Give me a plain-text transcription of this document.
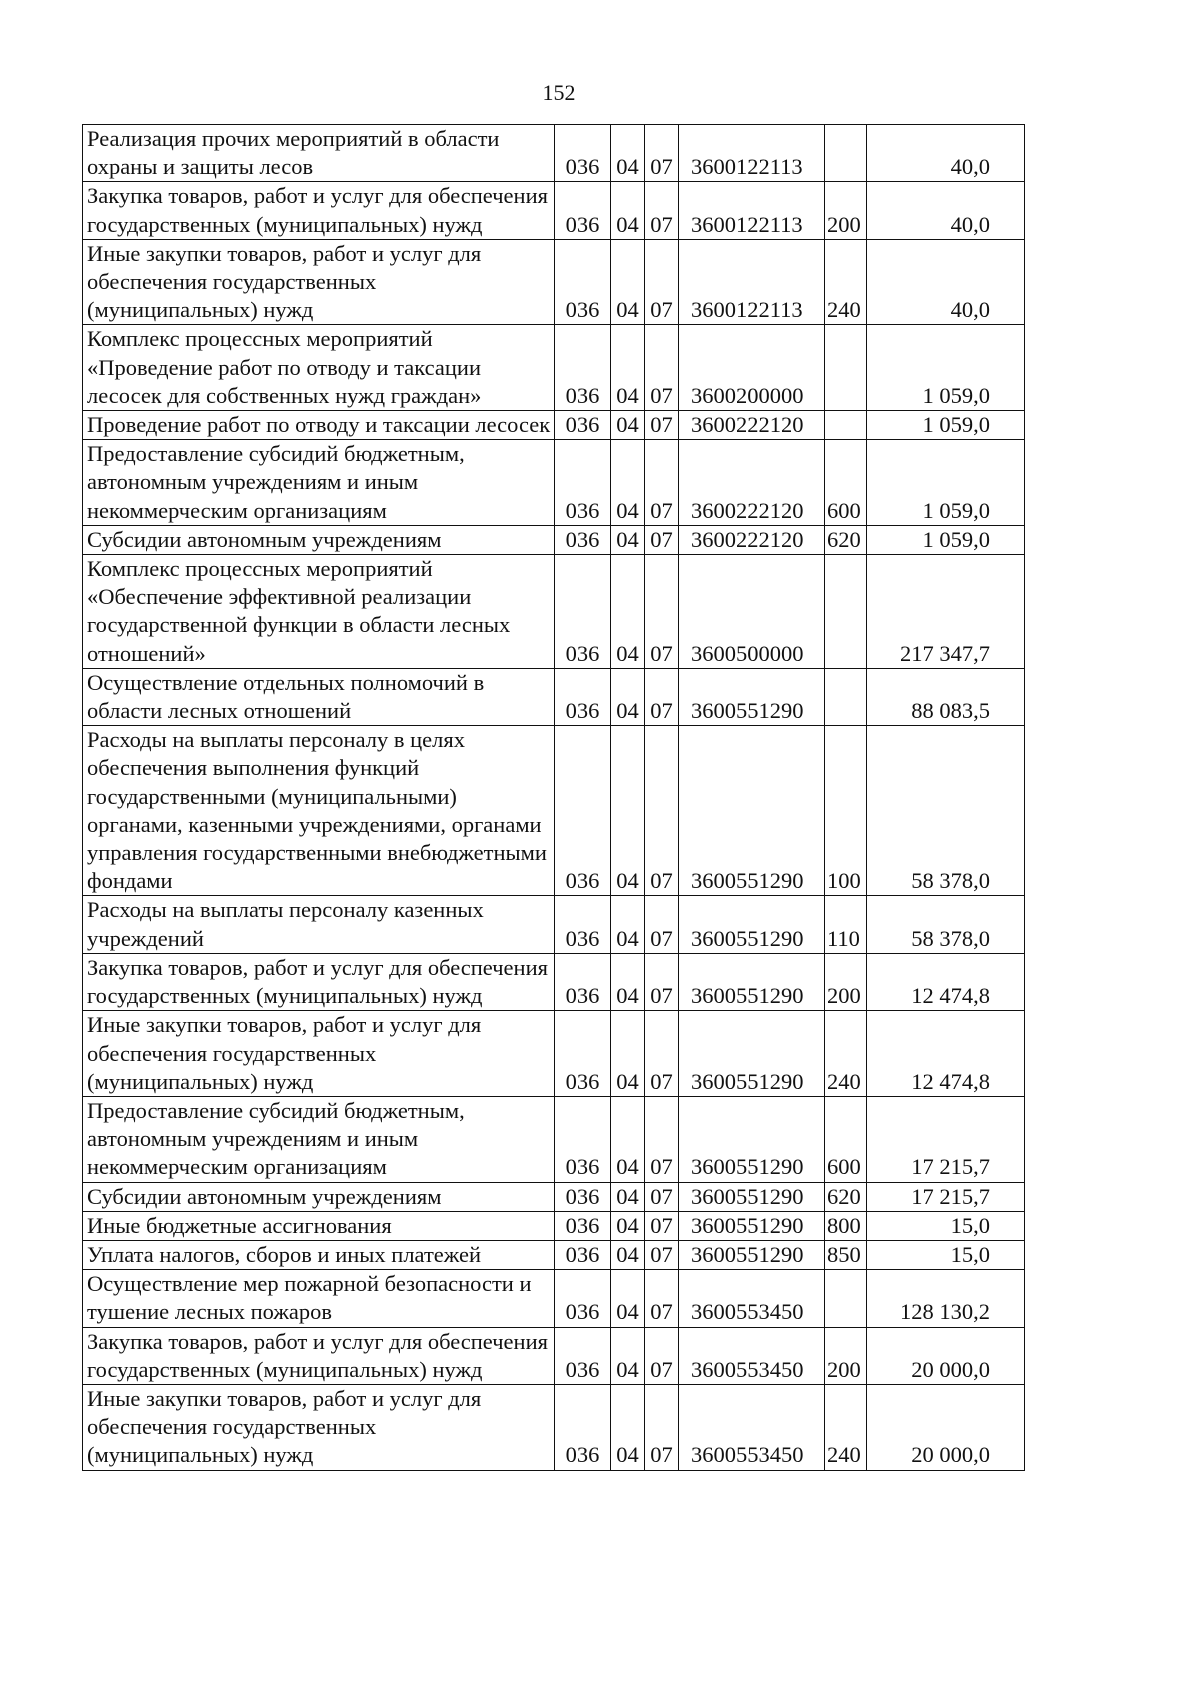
152
Реализация прочих мероприятий в области охраны и защиты лесов	036	04	07	3600122113		40,0
Закупка товаров, работ и услуг для обеспечения государственных (муниципальных) нужд	036	04	07	3600122113	200	40,0
Иные закупки товаров, работ и услуг для обеспечения государственных (муниципальных) нужд	036	04	07	3600122113	240	40,0
Комплекс процессных мероприятий «Проведение работ по отводу и таксации лесосек для собственных нужд граждан»	036	04	07	3600200000		1 059,0
Проведение работ по отводу и таксации лесосек	036	04	07	3600222120		1 059,0
Предоставление субсидий бюджетным, автономным учреждениям и иным некоммерческим организациям	036	04	07	3600222120	600	1 059,0
Субсидии автономным учреждениям	036	04	07	3600222120	620	1 059,0
Комплекс процессных мероприятий «Обеспечение эффективной реализации государственной функции в области лесных отношений»	036	04	07	3600500000		217 347,7
Осуществление отдельных полномочий в области лесных отношений	036	04	07	3600551290		88 083,5
Расходы на выплаты персоналу в целях обеспечения выполнения функций государственными (муниципальными) органами, казенными учреждениями, органами управления государственными внебюджетными фондами	036	04	07	3600551290	100	58 378,0
Расходы на выплаты персоналу казенных учреждений	036	04	07	3600551290	110	58 378,0
Закупка товаров, работ и услуг для обеспечения государственных (муниципальных) нужд	036	04	07	3600551290	200	12 474,8
Иные закупки товаров, работ и услуг для обеспечения государственных (муниципальных) нужд	036	04	07	3600551290	240	12 474,8
Предоставление субсидий бюджетным, автономным учреждениям и иным некоммерческим организациям	036	04	07	3600551290	600	17 215,7
Субсидии автономным учреждениям	036	04	07	3600551290	620	17 215,7
Иные бюджетные ассигнования	036	04	07	3600551290	800	15,0
Уплата налогов, сборов и иных платежей	036	04	07	3600551290	850	15,0
Осуществление мер пожарной безопасности и тушение лесных пожаров	036	04	07	3600553450		128 130,2
Закупка товаров, работ и услуг для обеспечения государственных (муниципальных) нужд	036	04	07	3600553450	200	20 000,0
Иные закупки товаров, работ и услуг для обеспечения государственных (муниципальных) нужд	036	04	07	3600553450	240	20 000,0
